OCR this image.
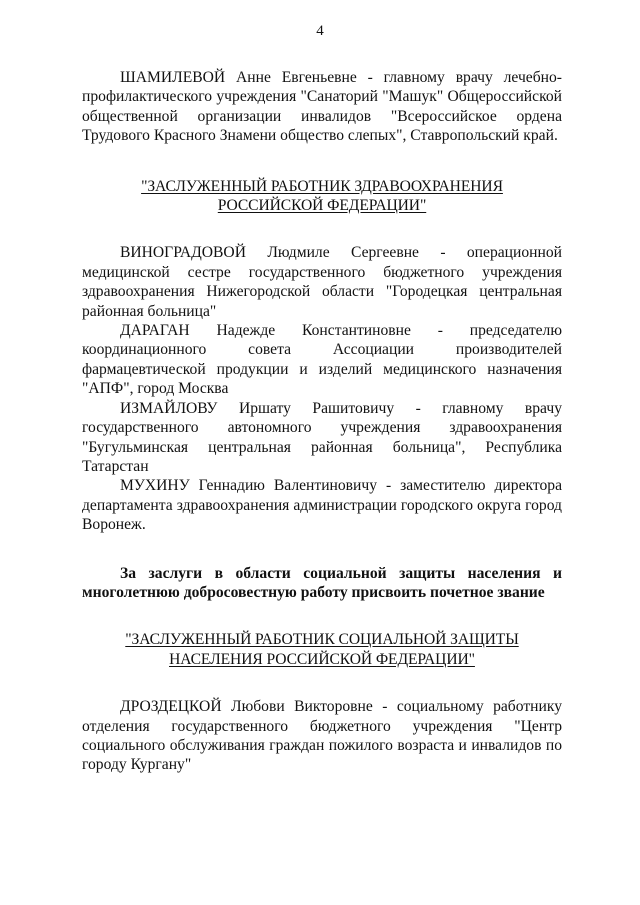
4

ШАМИЛЕВОЙ Анне Евгеньевне - главному врачу лечебно-профилактического учреждения "Санаторий "Машук" Общероссийской общественной организации инвалидов "Всероссийское ордена Трудового Красного Знамени общество слепых", Ставропольский край.

"ЗАСЛУЖЕННЫЙ РАБОТНИК ЗДРАВООХРАНЕНИЯ
РОССИЙСКОЙ ФЕДЕРАЦИИ"

ВИНОГРАДОВОЙ Людмиле Сергеевне - операционной медицинской сестре государственного бюджетного учреждения здравоохранения Нижегородской области "Городецкая центральная районная больница"

ДАРАГАН Надежде Константиновне - председателю координационного совета Ассоциации производителей фармацевтической продукции и изделий медицинского назначения "АПФ", город Москва

ИЗМАЙЛОВУ Иршату Рашитовичу - главному врачу государственного автономного учреждения здравоохранения "Бугульминская центральная районная больница", Республика Татарстан

МУХИНУ Геннадию Валентиновичу - заместителю директора департамента здравоохранения администрации городского округа город Воронеж.

За заслуги в области социальной защиты населения и многолетнюю добросовестную работу присвоить почетное звание

"ЗАСЛУЖЕННЫЙ РАБОТНИК СОЦИАЛЬНОЙ ЗАЩИТЫ
НАСЕЛЕНИЯ РОССИЙСКОЙ ФЕДЕРАЦИИ"

ДРОЗДЕЦКОЙ Любови Викторовне - социальному работнику отделения государственного бюджетного учреждения "Центр социального обслуживания граждан пожилого возраста и инвалидов по городу Кургану"
